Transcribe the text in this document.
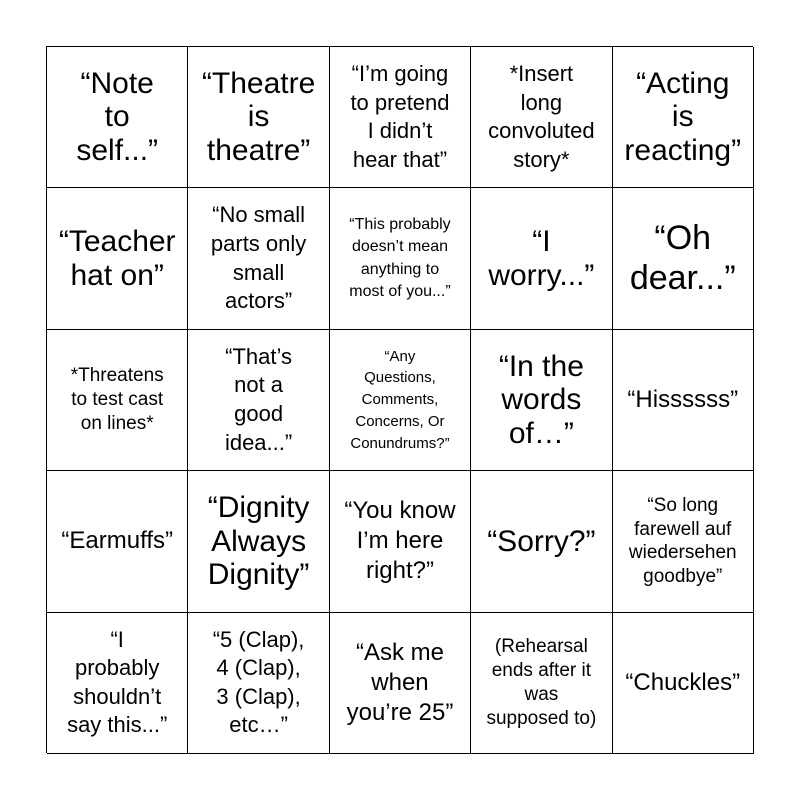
“Note
to
self...”
“Theatre
is
theatre”
“I’m going
to pretend
I didn’t
hear that”
*Insert
long
convoluted
story*
“Acting
is
reacting”
“Teacher
hat on”
“No small
parts only
small
actors”
“This probably
doesn’t mean
anything to
most of you...”
“I
worry...”
“Oh
dear...”
*Threatens
to test cast
on lines*
“That’s
not a
good
idea...”
“Any
Questions,
Comments,
Concerns, Or
Conundrums?”
“In the
words
of…”
“Hissssss”
“Earmuffs”
“Dignity
Always
Dignity”
“You know
I’m here
right?”
“Sorry?”
“So long
farewell auf
wiedersehen
goodbye”
“I
probably
shouldn’t
say this...”
“5 (Clap),
4 (Clap),
3 (Clap),
etc…”
“Ask me
when
you’re 25”
(Rehearsal
ends after it
was
supposed to)
“Chuckles”
